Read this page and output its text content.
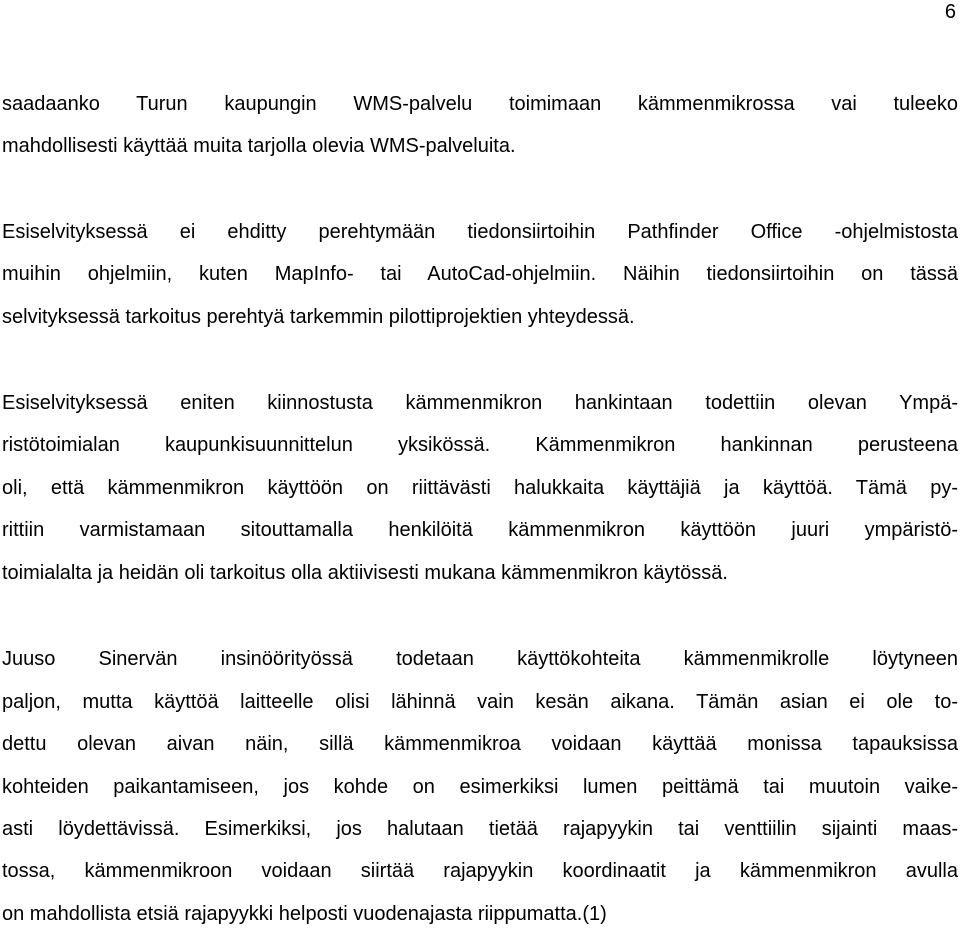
6
saadaanko Turun kaupungin WMS-palvelu toimimaan kämmenmikrossa vai tuleeko
mahdollisesti käyttää muita tarjolla olevia WMS-palveluita.
Esiselvityksessä ei ehditty perehtymään tiedonsiirtoihin Pathfinder Office -ohjelmistosta
muihin ohjelmiin, kuten MapInfo- tai AutoCad-ohjelmiin. Näihin tiedonsiirtoihin on tässä
selvityksessä tarkoitus perehtyä tarkemmin pilottiprojektien yhteydessä.
Esiselvityksessä eniten kiinnostusta kämmenmikron hankintaan todettiin olevan Ympä-
ristötoimialan kaupunkisuunnittelun yksikössä. Kämmenmikron hankinnan perusteena
oli, että kämmenmikron käyttöön on riittävästi halukkaita käyttäjiä ja käyttöä. Tämä py-
rittiin varmistamaan sitouttamalla henkilöitä kämmenmikron käyttöön juuri ympäristö-
toimialalta ja heidän oli tarkoitus olla aktiivisesti mukana kämmenmikron käytössä.
Juuso Sinervän insinöörityössä todetaan käyttökohteita kämmenmikrolle löytyneen
paljon, mutta käyttöä laitteelle olisi lähinnä vain kesän aikana. Tämän asian ei ole to-
dettu olevan aivan näin, sillä kämmenmikroa voidaan käyttää monissa tapauksissa
kohteiden paikantamiseen, jos kohde on esimerkiksi lumen peittämä tai muutoin vaike-
asti löydettävissä. Esimerkiksi, jos halutaan tietää rajapyykin tai venttiilin sijainti maas-
tossa, kämmenmikroon voidaan siirtää rajapyykin koordinaatit ja kämmenmikron avulla
on mahdollista etsiä rajapyykki helposti vuodenajasta riippumatta.(1)
